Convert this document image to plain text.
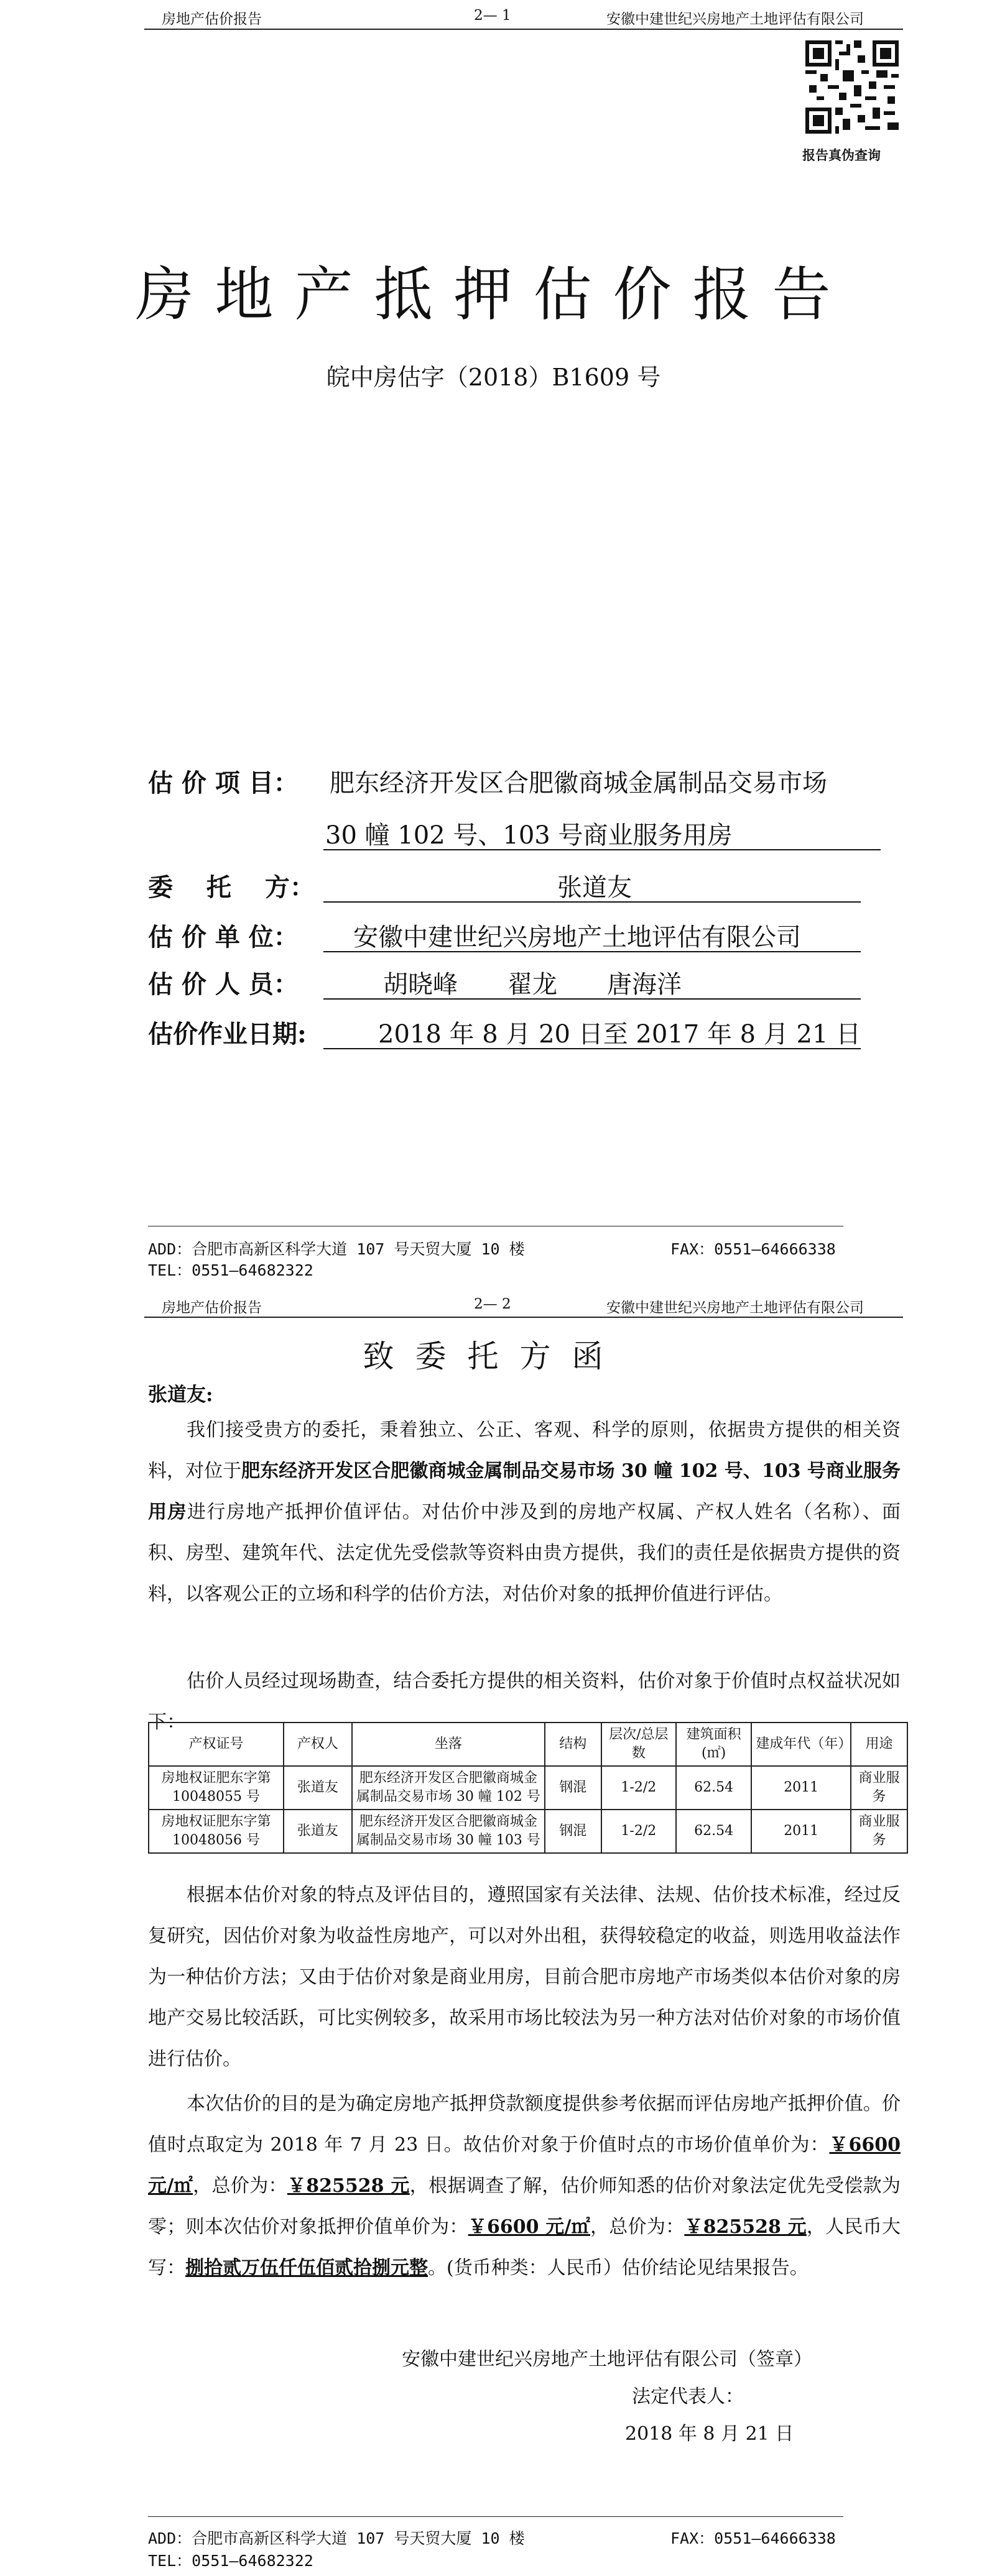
房地产估价报告	2— 1	安徽中建世纪兴房地产土地评估有限公司
报告真伪查询
房地产抵押估价报告
皖中房估字（2018）B1609 号
估 价 项 目： 肥东经济开发区合肥徽商城金属制品交易市场
30 幢 102 号、103 号商业服务用房
委　 托　 方：	张道友
估 价 单 位： 安徽中建世纪兴房地产土地评估有限公司
估 价 人 员：	胡晓峰　　翟龙　　唐海洋
估价作业日期:	2018 年 8 月 20 日至 2017 年 8 月 21 日
ADD：合肥市高新区科学大道 107 号天贸大厦 10 楼	FAX：0551—64666338
TEL：0551—64682322
房地产估价报告	2— 2	安徽中建世纪兴房地产土地评估有限公司
致委托方函
张道友:
我们接受贵方的委托，秉着独立、公正、客观、科学的原则，依据贵方提供的相关资料，对位于肥东经济开发区合肥徽商城金属制品交易市场 30 幢 102 号、103 号商业服务用房进行房地产抵押价值评估。对估价中涉及到的房地产权属、产权人姓名（名称）、面积、房型、建筑年代、法定优先受偿款等资料由贵方提供，我们的责任是依据贵方提供的资料，以客观公正的立场和科学的估价方法，对估价对象的抵押价值进行评估。
估价人员经过现场勘查，结合委托方提供的相关资料，估价对象于价值时点权益状况如下：
产权证号	产权人	坐落	结构	层次/总层数	建筑面积(㎡)	建成年代（年）	用途
房地权证肥东字第 10048055 号	张道友	肥东经济开发区合肥徽商城金属制品交易市场 30 幢 102 号	钢混	1-2/2	62.54	2011	商业服务
房地权证肥东字第 10048056 号	张道友	肥东经济开发区合肥徽商城金属制品交易市场 30 幢 103 号	钢混	1-2/2	62.54	2011	商业服务
根据本估价对象的特点及评估目的，遵照国家有关法律、法规、估价技术标准，经过反复研究，因估价对象为收益性房地产，可以对外出租，获得较稳定的收益，则选用收益法作为一种估价方法；又由于估价对象是商业用房，目前合肥市房地产市场类似本估价对象的房地产交易比较活跃，可比实例较多，故采用市场比较法为另一种方法对估价对象的市场价值进行估价。
本次估价的目的是为确定房地产抵押贷款额度提供参考依据而评估房地产抵押价值。价值时点取定为 2018 年 7 月 23 日。故估价对象于价值时点的市场价值单价为：￥6600 元/㎡，总价为：￥825528 元，根据调查了解，估价师知悉的估价对象法定优先受偿款为零；则本次估价对象抵押价值单价为：￥6600 元/㎡，总价为：￥825528 元，人民币大写：捌拾贰万伍仟伍佰贰拾捌元整。(货币种类：人民币）估价结论见结果报告。
安徽中建世纪兴房地产土地评估有限公司（签章）
法定代表人：
2018 年 8 月 21 日
ADD：合肥市高新区科学大道 107 号天贸大厦 10 楼	FAX：0551—64666338
TEL：0551—64682322
